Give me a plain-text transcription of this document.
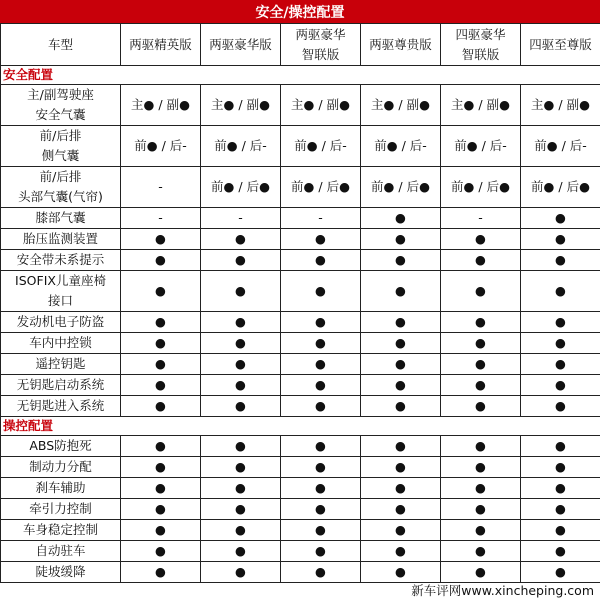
安全/操控配置
车型	两驱精英版	两驱豪华版	两驱豪华
智联版	两驱尊贵版	四驱豪华
智联版	四驱至尊版
安全配置						
主/副驾驶座
安全气囊	主● / 副●	主● / 副●	主● / 副●	主● / 副●	主● / 副●	主● / 副●
前/后排
侧气囊	前● / 后-	前● / 后-	前● / 后-	前● / 后-	前● / 后-	前● / 后-
前/后排
头部气囊(气帘)	-	前● / 后●	前● / 后●	前● / 后●	前● / 后●	前● / 后●
膝部气囊	-	-	-	●	-	●
胎压监测装置	●	●	●	●	●	●
安全带未系提示	●	●	●	●	●	●
ISOFIX儿童座椅
接口	●	●	●	●	●	●
发动机电子防盗	●	●	●	●	●	●
车内中控锁	●	●	●	●	●	●
遥控钥匙	●	●	●	●	●	●
无钥匙启动系统	●	●	●	●	●	●
无钥匙进入系统	●	●	●	●	●	●
操控配置						
ABS防抱死	●	●	●	●	●	●
制动力分配	●	●	●	●	●	●
刹车辅助	●	●	●	●	●	●
牵引力控制	●	●	●	●	●	●
车身稳定控制	●	●	●	●	●	●
自动驻车	●	●	●	●	●	●
陡坡缓降	●	●	●	●	●	●
新车评网www.xincheping.com
